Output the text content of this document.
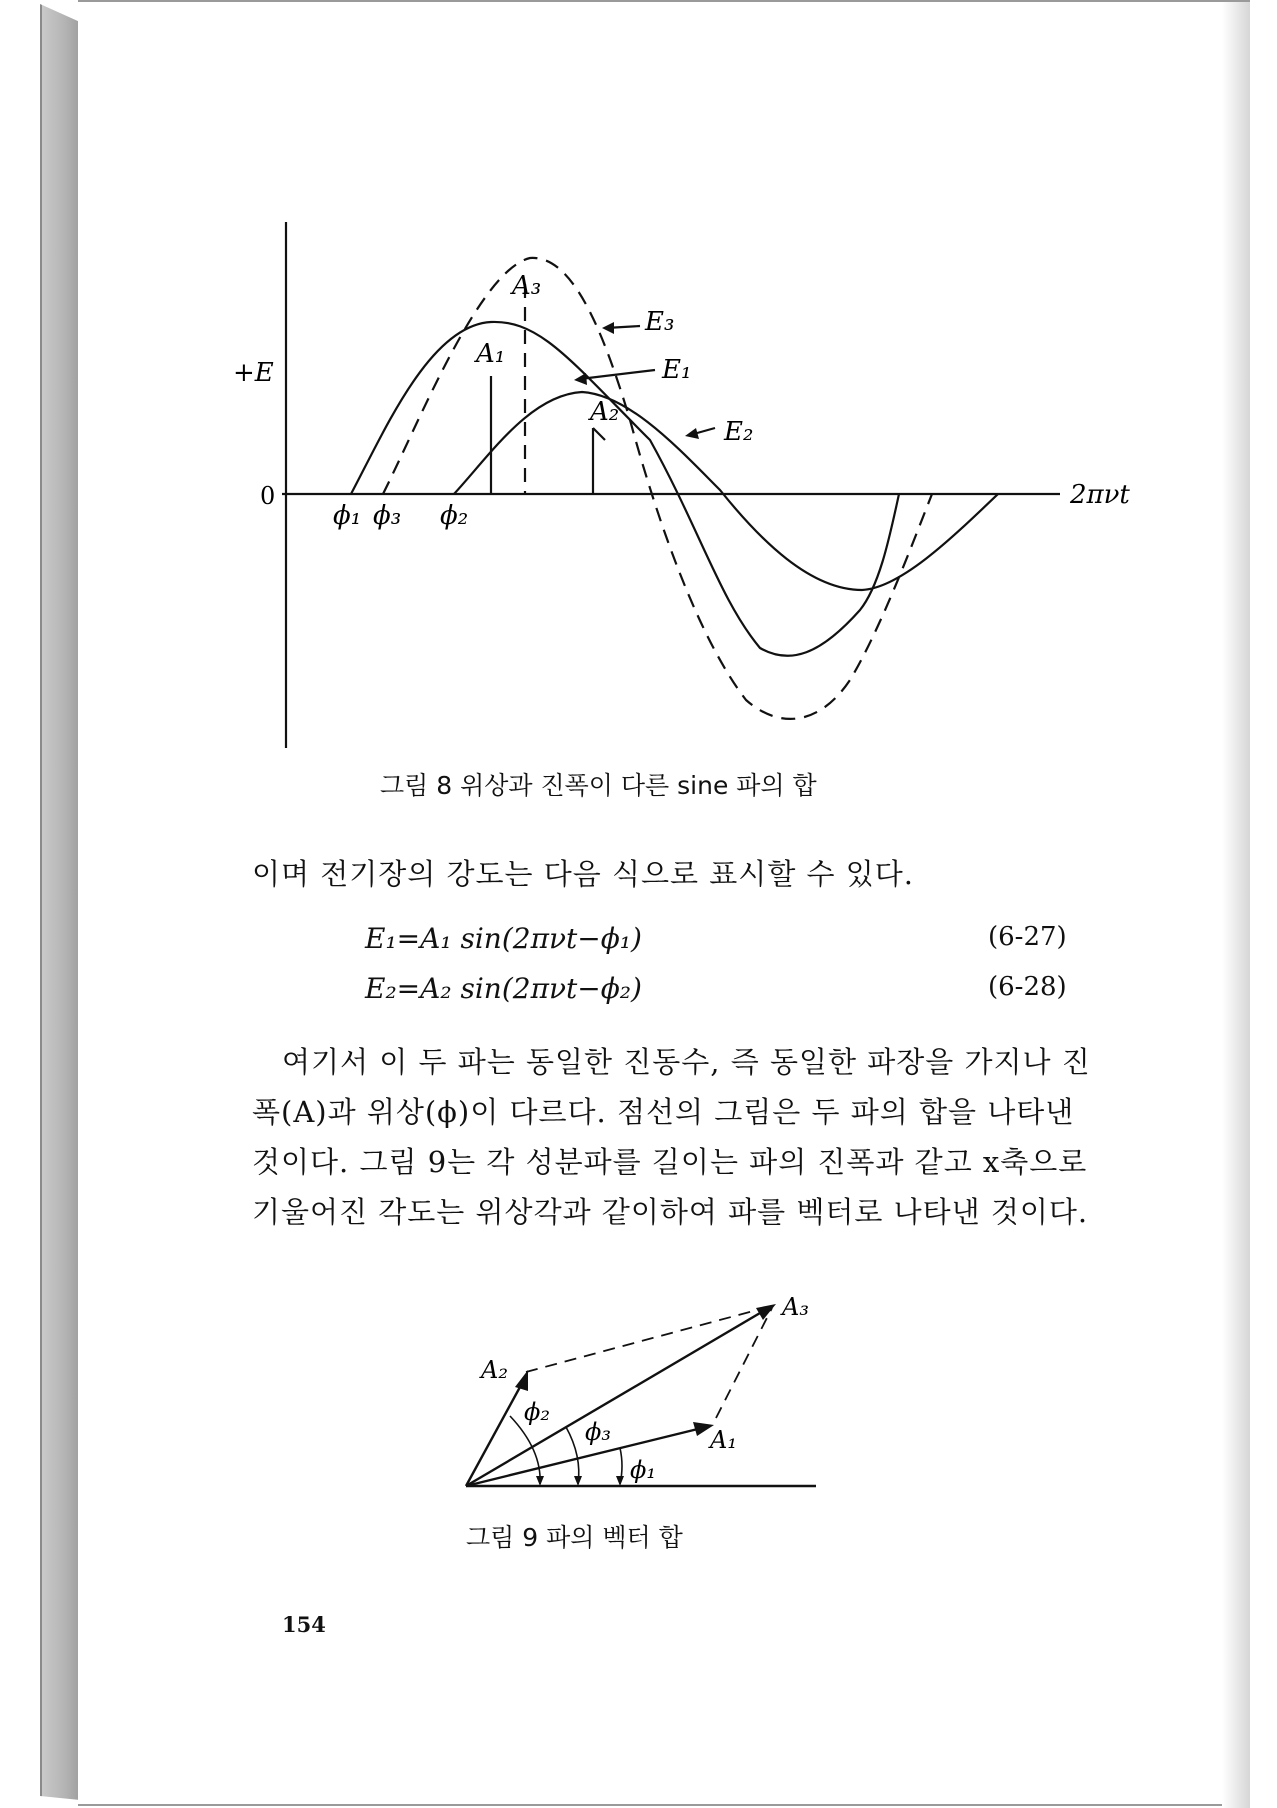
+E
0	2πνt
A₁
A₃
A₂
E₃
E₁
E₂
ϕ₁ ϕ₃ ϕ₂
그림 8 위상과 진폭이 다른 sine 파의 합
이며 전기장의 강도는 다음 식으로 표시할 수 있다.
E₁=A₁ sin(2πνt−ϕ₁)	(6-27)
E₂=A₂ sin(2πνt−ϕ₂)	(6-28)
여기서 이 두 파는 동일한 진동수, 즉 동일한 파장을 가지나 진
폭(A)과 위상(ϕ)이 다르다. 점선의 그림은 두 파의 합을 나타낸
것이다. 그림 9는 각 성분파를 길이는 파의 진폭과 같고 x축으로
기울어진 각도는 위상각과 같이하여 파를 벡터로 나타낸 것이다.
A₃
A₂
A₁
ϕ₂
ϕ₃
ϕ₁
그림 9 파의 벡터 합
154
